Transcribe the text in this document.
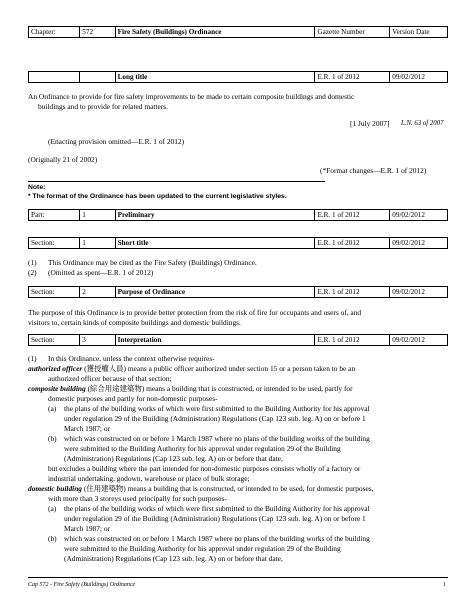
Chapter:	572	Fire Safety (Buildings) Ordinance	Gazette Number	Version Date
		Long title	E.R. 1 of 2012	09/02/2012
An Ordinance to provide for fire safety improvements to be made to certain composite buildings and domestic
buildings and to provide for related matters.
[1 July 2007] L.N. 63 of 2007
(Enacting provision omitted—E.R. 1 of 2012)
(Originally 21 of 2002)
(*Format changes—E.R. 1 of 2012)
Note:
* The format of the Ordinance has been updated to the current legislative styles.
Part:	1	Preliminary	E.R. 1 of 2012	09/02/2012
Section:	1	Short title	E.R. 1 of 2012	09/02/2012
(1) This Ordinance may be cited as the Fire Safety (Buildings) Ordinance.
(2) (Omitted as spent—E.R. 1 of 2012)
Section:	2	Purpose of Ordinance	E.R. 1 of 2012	09/02/2012
The purpose of this Ordinance is to provide better protection from the risk of fire for occupants and users of, and
visitors to, certain kinds of composite buildings and domestic buildings.
Section:	3	Interpretation	E.R. 1 of 2012	09/02/2012
(1) In this Ordinance, unless the context otherwise requires-
authorized officer (獲授權人員) means a public officer authorized under section 15 or a person taken to be an
authorized officer because of that section;
composite building (綜合用途建築物) means a building that is constructed, or intended to be used, partly for
domestic purposes and partly for non-domestic purposes-
(a) the plans of the building works of which were first submitted to the Building Authority for his approval
under regulation 29 of the Building (Administration) Regulations (Cap 123 sub. leg. A) on or before 1
March 1987; or
(b) which was constructed on or before 1 March 1987 where no plans of the building works of the building
were submitted to the Building Authority for his approval under regulation 29 of the Building
(Administration) Regulations (Cap 123 sub. leg. A) on or before that date,
but excludes a building where the part intended for non-domestic purposes consists wholly of a factory or
industrial undertaking, godown, warehouse or place of bulk storage;
domestic building (住用建築物) means a building that is constructed, or intended to be used, for domestic purposes,
with more than 3 storeys used principally for such purposes-
(a) the plans of the building works of which were first submitted to the Building Authority for his approval
under regulation 29 of the Building (Administration) Regulations (Cap 123 sub. leg. A) on or before 1
March 1987; or
(b) which was constructed on or before 1 March 1987 where no plans of the building works of the building
were submitted to the Building Authority for his approval under regulation 29 of the Building
(Administration) Regulations (Cap 123 sub. leg. A) on or before that date,
Cap 572 - Fire Safety (Buildings) Ordinance	1
